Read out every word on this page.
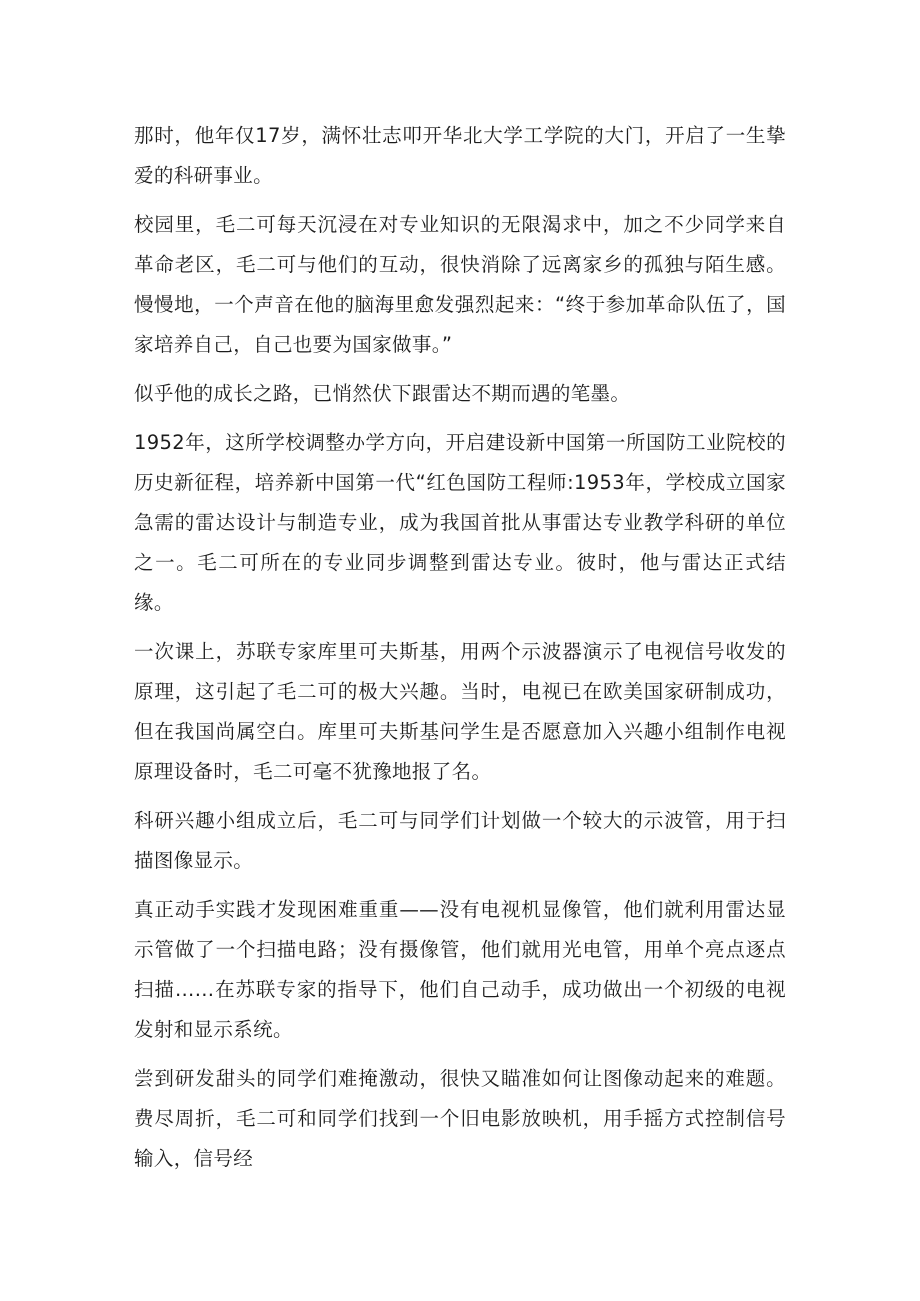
那时，他年仅17岁，满怀壮志叩开华北大学工学院的大门，开启了一生挚爱的科研事业。

校园里，毛二可每天沉浸在对专业知识的无限渴求中，加之不少同学来自革命老区，毛二可与他们的互动，很快消除了远离家乡的孤独与陌生感。慢慢地，一个声音在他的脑海里愈发强烈起来：“终于参加革命队伍了，国家培养自己，自己也要为国家做事。”

似乎他的成长之路，已悄然伏下跟雷达不期而遇的笔墨。

1952年，这所学校调整办学方向，开启建设新中国第一所国防工业院校的历史新征程，培养新中国第一代“红色国防工程师:1953年，学校成立国家急需的雷达设计与制造专业，成为我国首批从事雷达专业教学科研的单位之一。毛二可所在的专业同步调整到雷达专业。彼时，他与雷达正式结缘。

一次课上，苏联专家库里可夫斯基，用两个示波器演示了电视信号收发的原理，这引起了毛二可的极大兴趣。当时，电视已在欧美国家研制成功，但在我国尚属空白。库里可夫斯基问学生是否愿意加入兴趣小组制作电视原理设备时，毛二可毫不犹豫地报了名。

科研兴趣小组成立后，毛二可与同学们计划做一个较大的示波管，用于扫描图像显示。

真正动手实践才发现困难重重——没有电视机显像管，他们就利用雷达显示管做了一个扫描电路；没有摄像管，他们就用光电管，用单个亮点逐点扫描……在苏联专家的指导下，他们自己动手，成功做出一个初级的电视发射和显示系统。

尝到研发甜头的同学们难掩激动，很快又瞄准如何让图像动起来的难题。费尽周折，毛二可和同学们找到一个旧电影放映机，用手摇方式控制信号输入，信号经
